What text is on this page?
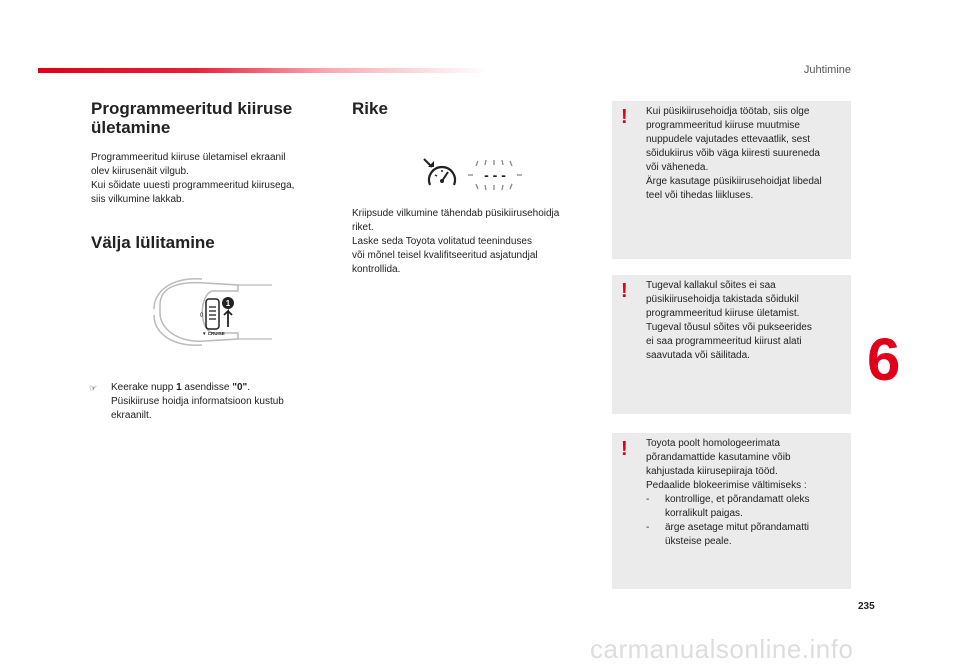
Juhtimine
Programmeeritud kiiruse ületamine
Programmeeritud kiiruse ületamisel ekraanil
olev kiirusenäit vilgub.
Kui sõidate uuesti programmeeritud kiirusega,
siis vilkumine lakkab.
Välja lülitamine
1
0
▼ CRUISE
☞ Keerake nupp 1 asendisse "0".
Püsikiiruse hoidja informatsioon kustub
ekraanilt.
Rike
- - -
Kriipsude vilkumine tähendab püsikiirusehoidja
riket.
Laske seda Toyota volitatud teeninduses
või mõnel teisel kvalifitseeritud asjatundjal
kontrollida.
! Kui püsikiirusehoidja töötab, siis olge
programmeeritud kiiruse muutmise
nuppudele vajutades ettevaatlik, sest
sõidukiirus võib väga kiiresti suureneda
või väheneda.
Ärge kasutage püsikiirusehoidjat libedal
teel või tihedas liikluses.
! Tugeval kallakul sõites ei saa
püsikiirusehoidja takistada sõidukil
programmeeritud kiiruse ületamist.
Tugeval tõusul sõites või pukseerides
ei saa programmeeritud kiirust alati
saavutada või säilitada.
! Toyota poolt homologeerimata
põrandamattide kasutamine võib
kahjustada kiirusepiiraja tööd.
Pedaalide blokeerimise vältimiseks :
-	kontrollige, et põrandamatt oleks
korralikult paigas.
-	ärge asetage mitut põrandamatti
üksteise peale.
6
235
carmanualsonline.info
